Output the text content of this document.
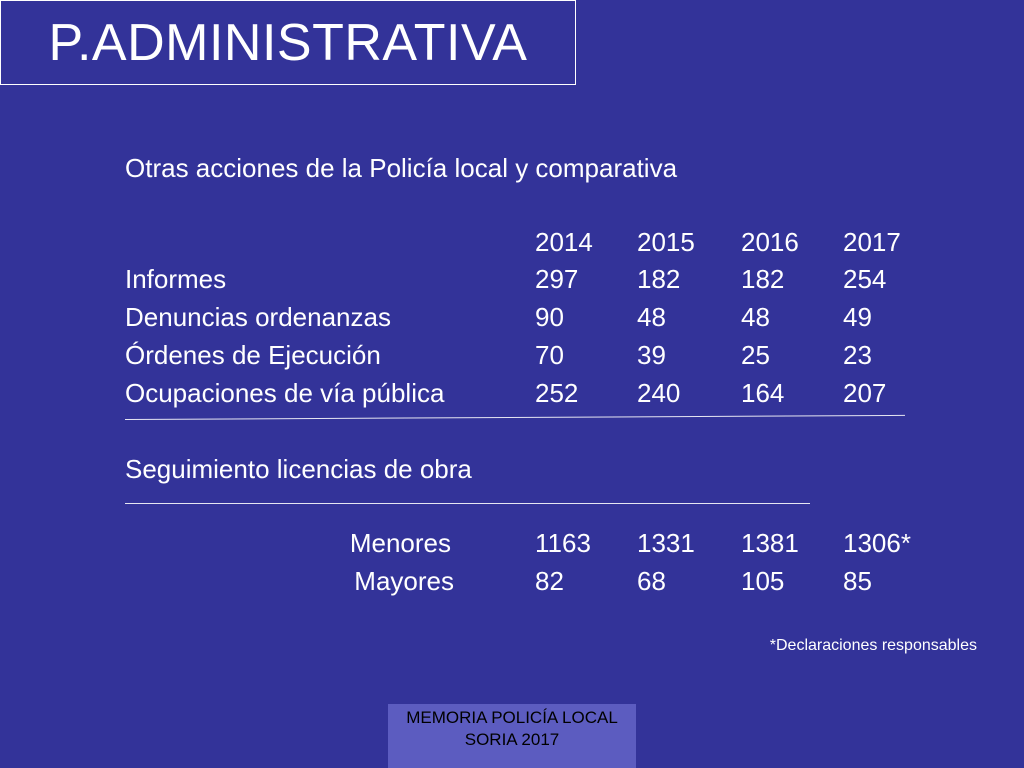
P.ADMINISTRATIVA
Otras acciones de la Policía local y comparativa
2014 2015 2016 2017
Informes	297 182 182 254
Denuncias ordenanzas	90	48	48	49
Órdenes de Ejecución	70	39	25	23
Ocupaciones de vía pública	252 240 164 207
Seguimiento licencias de obra
Menores	1163 1331 1381 1306*
Mayores	82	68	105 85
*Declaraciones responsables
MEMORIA POLICÍA LOCAL
SORIA 2017
